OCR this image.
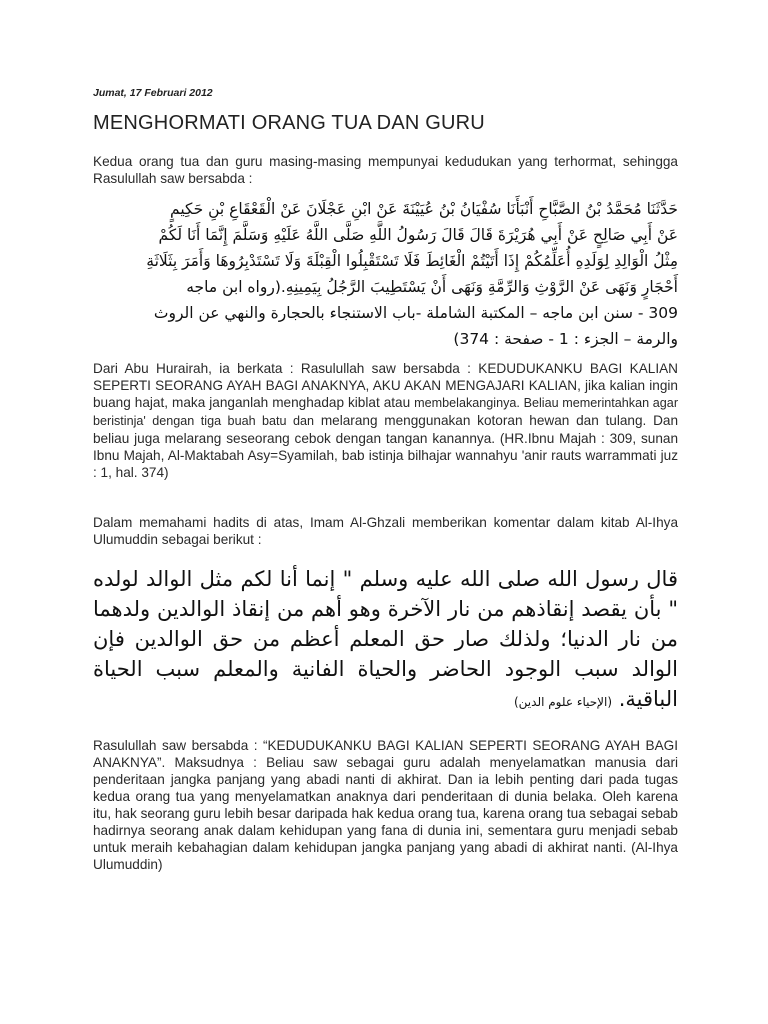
Jumat, 17 Februari 2012
MENGHORMATI ORANG TUA DAN GURU

Kedua orang tua dan guru masing-masing mempunyai kedudukan yang terhormat, sehingga Rasulullah saw bersabda :

حَدَّثَنَا مُحَمَّدُ بْنُ الصَّبَّاحِ أَنْبَأَنَا سُفْيَانُ بْنُ عُيَيْنَةَ عَنْ ابْنِ عَجْلَانَ عَنْ الْقَعْقَاعِ بْنِ حَكِيمٍ
عَنْ أَبِي صَالِحٍ عَنْ أَبِي هُرَيْرَةَ قَالَ قَالَ رَسُولُ اللَّهِ صَلَّى اللَّهُ عَلَيْهِ وَسَلَّمَ إِنَّمَا أَنَا لَكُمْ
مِثْلُ الْوَالِدِ لِوَلَدِهِ أُعَلِّمُكُمْ إِذَا أَتَيْتُمْ الْغَائِطَ فَلَا تَسْتَقْبِلُوا الْقِبْلَةَ وَلَا تَسْتَدْبِرُوهَا وَأَمَرَ بِثَلَاثَةِ
أَحْجَارٍ وَنَهَى عَنْ الرَّوْثِ وَالرِّمَّةِ وَنَهَى أَنْ يَسْتَطِيبَ الرَّجُلُ بِيَمِينِهِ.(رواه ابن ماجه
309 - سنن ابن ماجه – المكتبة الشاملة -باب الاستنجاء بالحجارة والنهي عن الروث
والرمة – الجزء : 1 - صفحة : 374)

Dari Abu Hurairah, ia berkata : Rasulullah saw bersabda : KEDUDUKANKU BAGI KALIAN SEPERTI SEORANG AYAH BAGI ANAKNYA, AKU AKAN MENGAJARI KALIAN, jika kalian ingin buang hajat, maka janganlah menghadap kiblat atau membelakanginya. Beliau memerintahkan agar beristinja' dengan tiga buah batu dan melarang menggunakan kotoran hewan dan tulang. Dan beliau juga melarang seseorang cebok dengan tangan kanannya. (HR.Ibnu Majah : 309, sunan Ibnu Majah, Al-Maktabah Asy=Syamilah, bab istinja bilhajar wannahyu 'anir rauts warrammati juz : 1, hal. 374)

Dalam memahami hadits di atas, Imam Al-Ghzali memberikan komentar dalam kitab Al-Ihya Ulumuddin sebagai berikut :

قال رسول الله صلى الله عليه وسلم " إنما أنا لكم مثل الوالد لولده " بأن يقصد إنقاذهم من نار الآخرة وهو أهم من إنقاذ الوالدين ولدهما من نار الدنيا؛ ولذلك صار حق المعلم أعظم من حق الوالدين فإن الوالد سبب الوجود الحاضر والحياة الفانية والمعلم سبب الحياة الباقية. (الإحياء علوم الدين)

Rasulullah saw bersabda : “KEDUDUKANKU BAGI KALIAN SEPERTI SEORANG AYAH BAGI ANAKNYA”. Maksudnya : Beliau saw sebagai guru adalah menyelamatkan manusia dari penderitaan jangka panjang yang abadi nanti di akhirat. Dan ia lebih penting dari pada tugas kedua orang tua yang menyelamatkan anaknya dari penderitaan di dunia belaka. Oleh karena itu, hak seorang guru lebih besar daripada hak kedua orang tua, karena orang tua sebagai sebab hadirnya seorang anak dalam kehidupan yang fana di dunia ini, sementara guru menjadi sebab untuk meraih kebahagian dalam kehidupan jangka panjang yang abadi di akhirat nanti. (Al-Ihya Ulumuddin)
